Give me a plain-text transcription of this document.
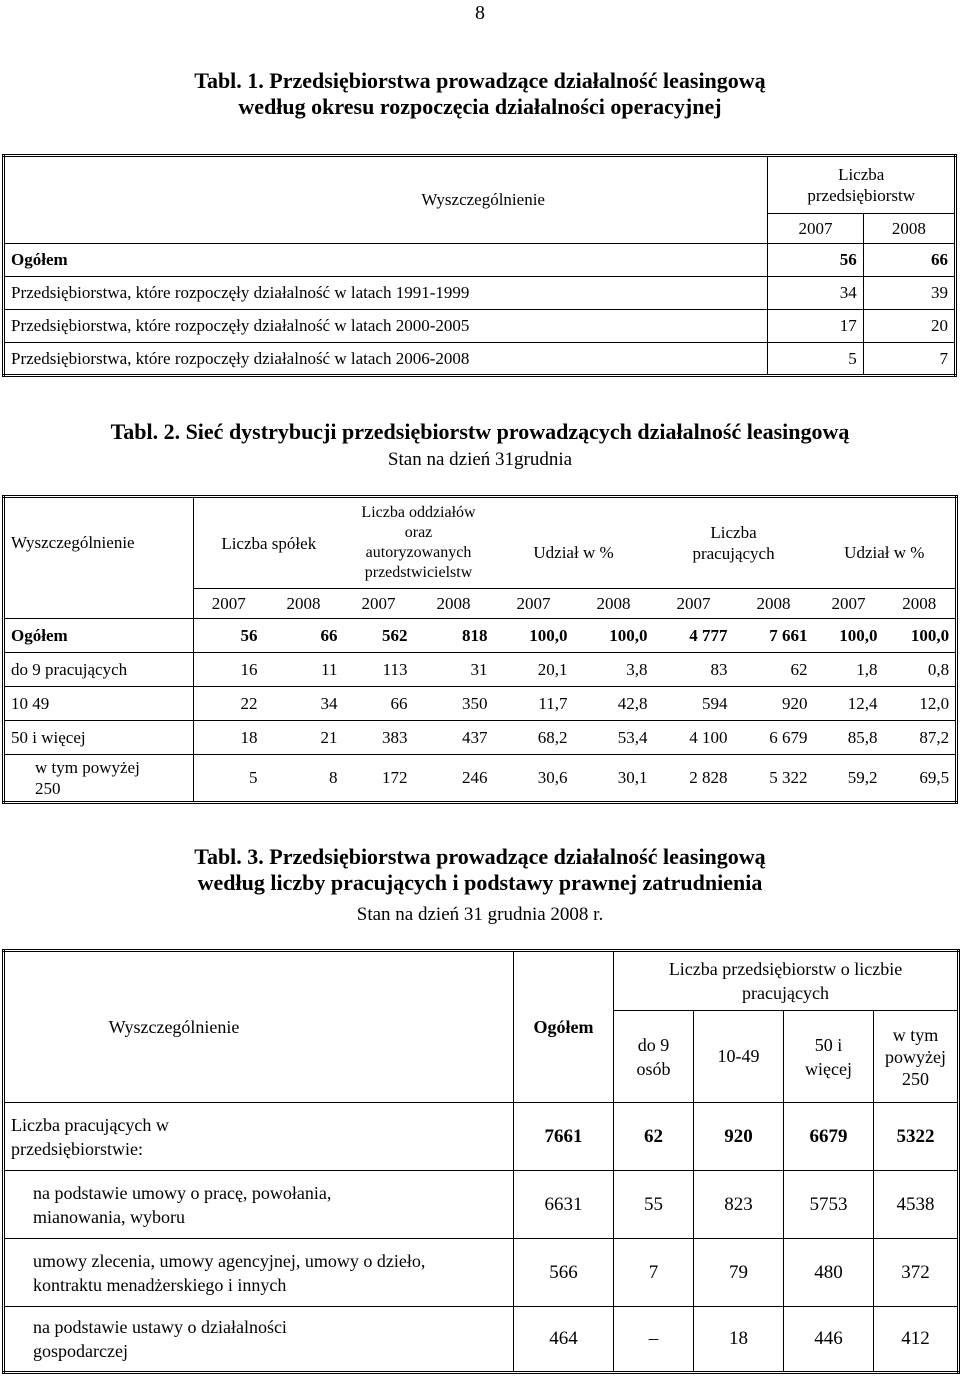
8
Tabl. 1. Przedsiębiorstwa prowadzące działalność leasingową
według okresu rozpoczęcia działalności operacyjnej
Wyszczególnienie	Liczba przedsiębiorstw	
	2007	2008
Ogółem	56	66
Przedsiębiorstwa, które rozpoczęły działalność w latach 1991-1999	34	39
Przedsiębiorstwa, które rozpoczęły działalność w latach 2000-2005	17	20
Przedsiębiorstwa, które rozpoczęły działalność w latach 2006-2008	5	7
Tabl. 2. Sieć dystrybucji przedsiębiorstw prowadzących działalność leasingową
Stan na dzień 31grudnia
Wyszczególnienie	Liczba spółek		Liczba oddziałów oraz autoryzowanych przedstwicielstw		Udział w %		Liczba pracujących		Udział w %	
	2007	2008	2007	2008	2007	2008	2007	2008	2007	2008
Ogółem	56	66	562	818	100,0	100,0	4 777	7 661	100,0	100,0
do 9 pracujących	16	11	113	31	20,1	3,8	83	62	1,8	0,8
10 49	22	34	66	350	11,7	42,8	594	920	12,4	12,0
50 i więcej	18	21	383	437	68,2	53,4	4 100	6 679	85,8	87,2
w tym powyżej 250	5	8	172	246	30,6	30,1	2 828	5 322	59,2	69,5
Tabl. 3. Przedsiębiorstwa prowadzące działalność leasingową
według liczby pracujących i podstawy prawnej zatrudnienia
Stan na dzień 31 grudnia 2008 r.
Wyszczególnienie	Ogółem	Liczba przedsiębiorstw o liczbie pracujących			
		do 9 osób	10-49	50 i więcej	w tym powyżej 250
Liczba pracujących w przedsiębiorstwie:	7661	62	920	6679	5322
na podstawie umowy o pracę, powołania, mianowania, wyboru	6631	55	823	5753	4538
umowy zlecenia, umowy agencyjnej, umowy o dzieło, kontraktu menadżerskiego i innych	566	7	79	480	372
na podstawie ustawy o działalności gospodarczej	464	–	18	446	412
